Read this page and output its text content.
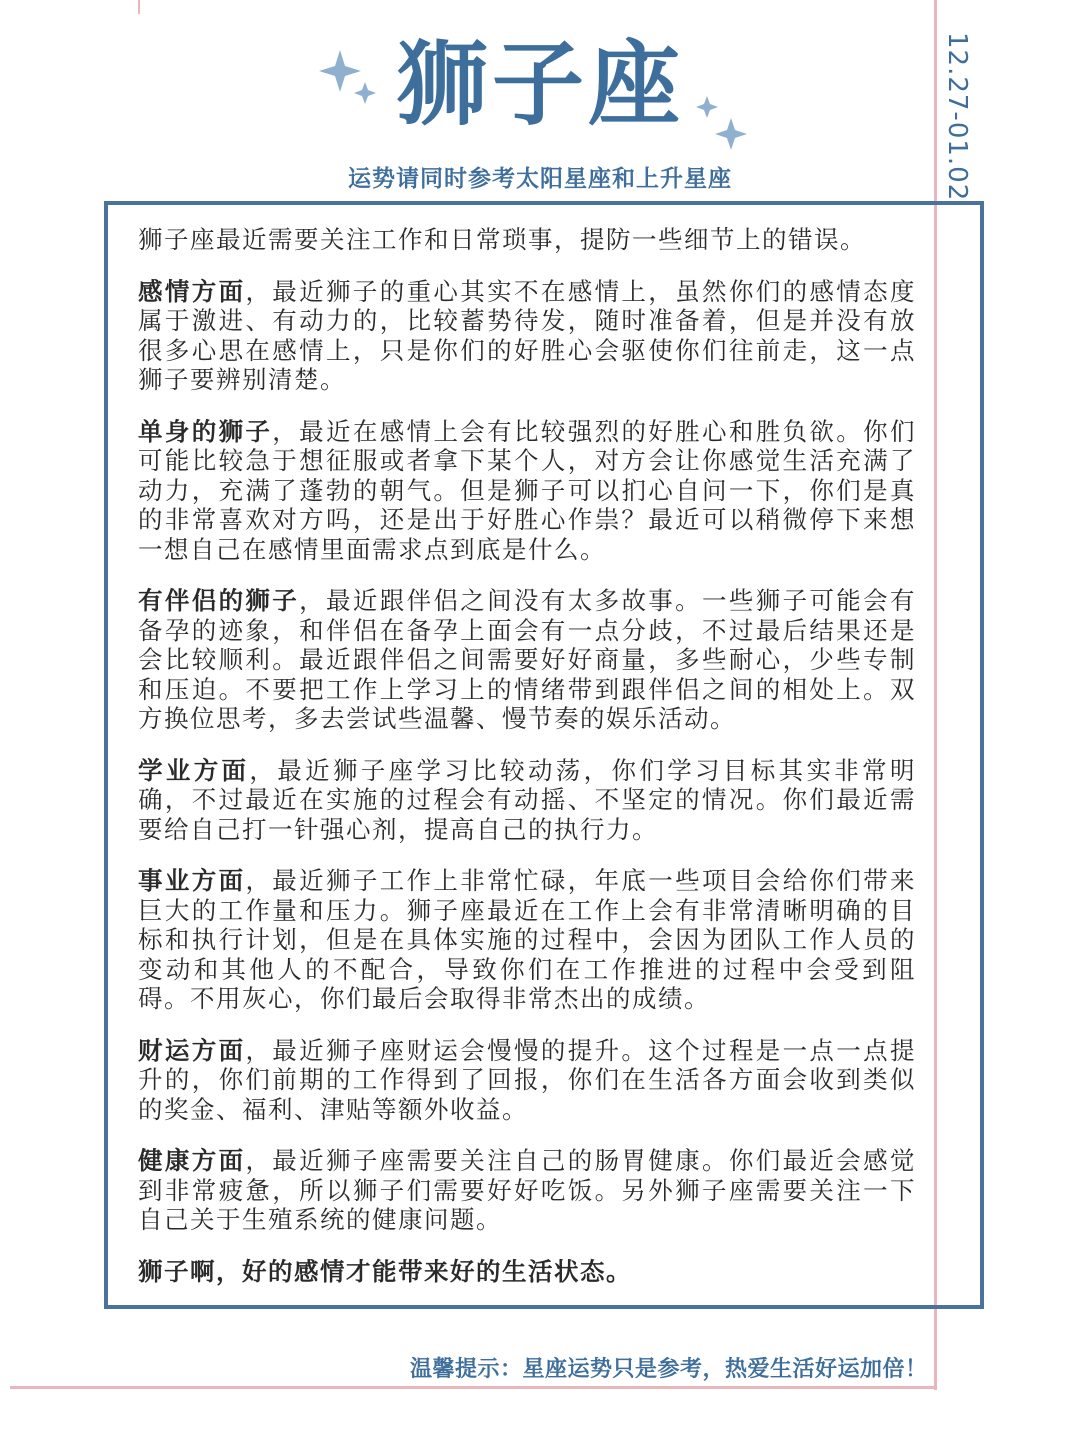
狮子座
运势请同时参考太阳星座和上升星座	12.27-01.02

狮子座最近需要关注工作和日常琐事，提防一些细节上的错误。

感情方面，最近狮子的重心其实不在感情上，虽然你们的感情态度属于激进、有动力的，比较蓄势待发，随时准备着，但是并没有放很多心思在感情上，只是你们的好胜心会驱使你们往前走，这一点狮子要辨别清楚。

单身的狮子，最近在感情上会有比较强烈的好胜心和胜负欲。你们可能比较急于想征服或者拿下某个人，对方会让你感觉生活充满了动力，充满了蓬勃的朝气。但是狮子可以扪心自问一下，你们是真的非常喜欢对方吗，还是出于好胜心作祟？最近可以稍微停下来想一想自己在感情里面需求点到底是什么。

有伴侣的狮子，最近跟伴侣之间没有太多故事。一些狮子可能会有备孕的迹象，和伴侣在备孕上面会有一点分歧，不过最后结果还是会比较顺利。最近跟伴侣之间需要好好商量，多些耐心，少些专制和压迫。不要把工作上学习上的情绪带到跟伴侣之间的相处上。双方换位思考，多去尝试些温馨、慢节奏的娱乐活动。

学业方面，最近狮子座学习比较动荡，你们学习目标其实非常明确，不过最近在实施的过程会有动摇、不坚定的情况。你们最近需要给自己打一针强心剂，提高自己的执行力。

事业方面，最近狮子工作上非常忙碌，年底一些项目会给你们带来巨大的工作量和压力。狮子座最近在工作上会有非常清晰明确的目标和执行计划，但是在具体实施的过程中，会因为团队工作人员的变动和其他人的不配合，导致你们在工作推进的过程中会受到阻碍。不用灰心，你们最后会取得非常杰出的成绩。

财运方面，最近狮子座财运会慢慢的提升。这个过程是一点一点提升的，你们前期的工作得到了回报，你们在生活各方面会收到类似的奖金、福利、津贴等额外收益。

健康方面，最近狮子座需要关注自己的肠胃健康。你们最近会感觉到非常疲惫，所以狮子们需要好好吃饭。另外狮子座需要关注一下自己关于生殖系统的健康问题。

狮子啊，好的感情才能带来好的生活状态。

温馨提示：星座运势只是参考，热爱生活好运加倍！
